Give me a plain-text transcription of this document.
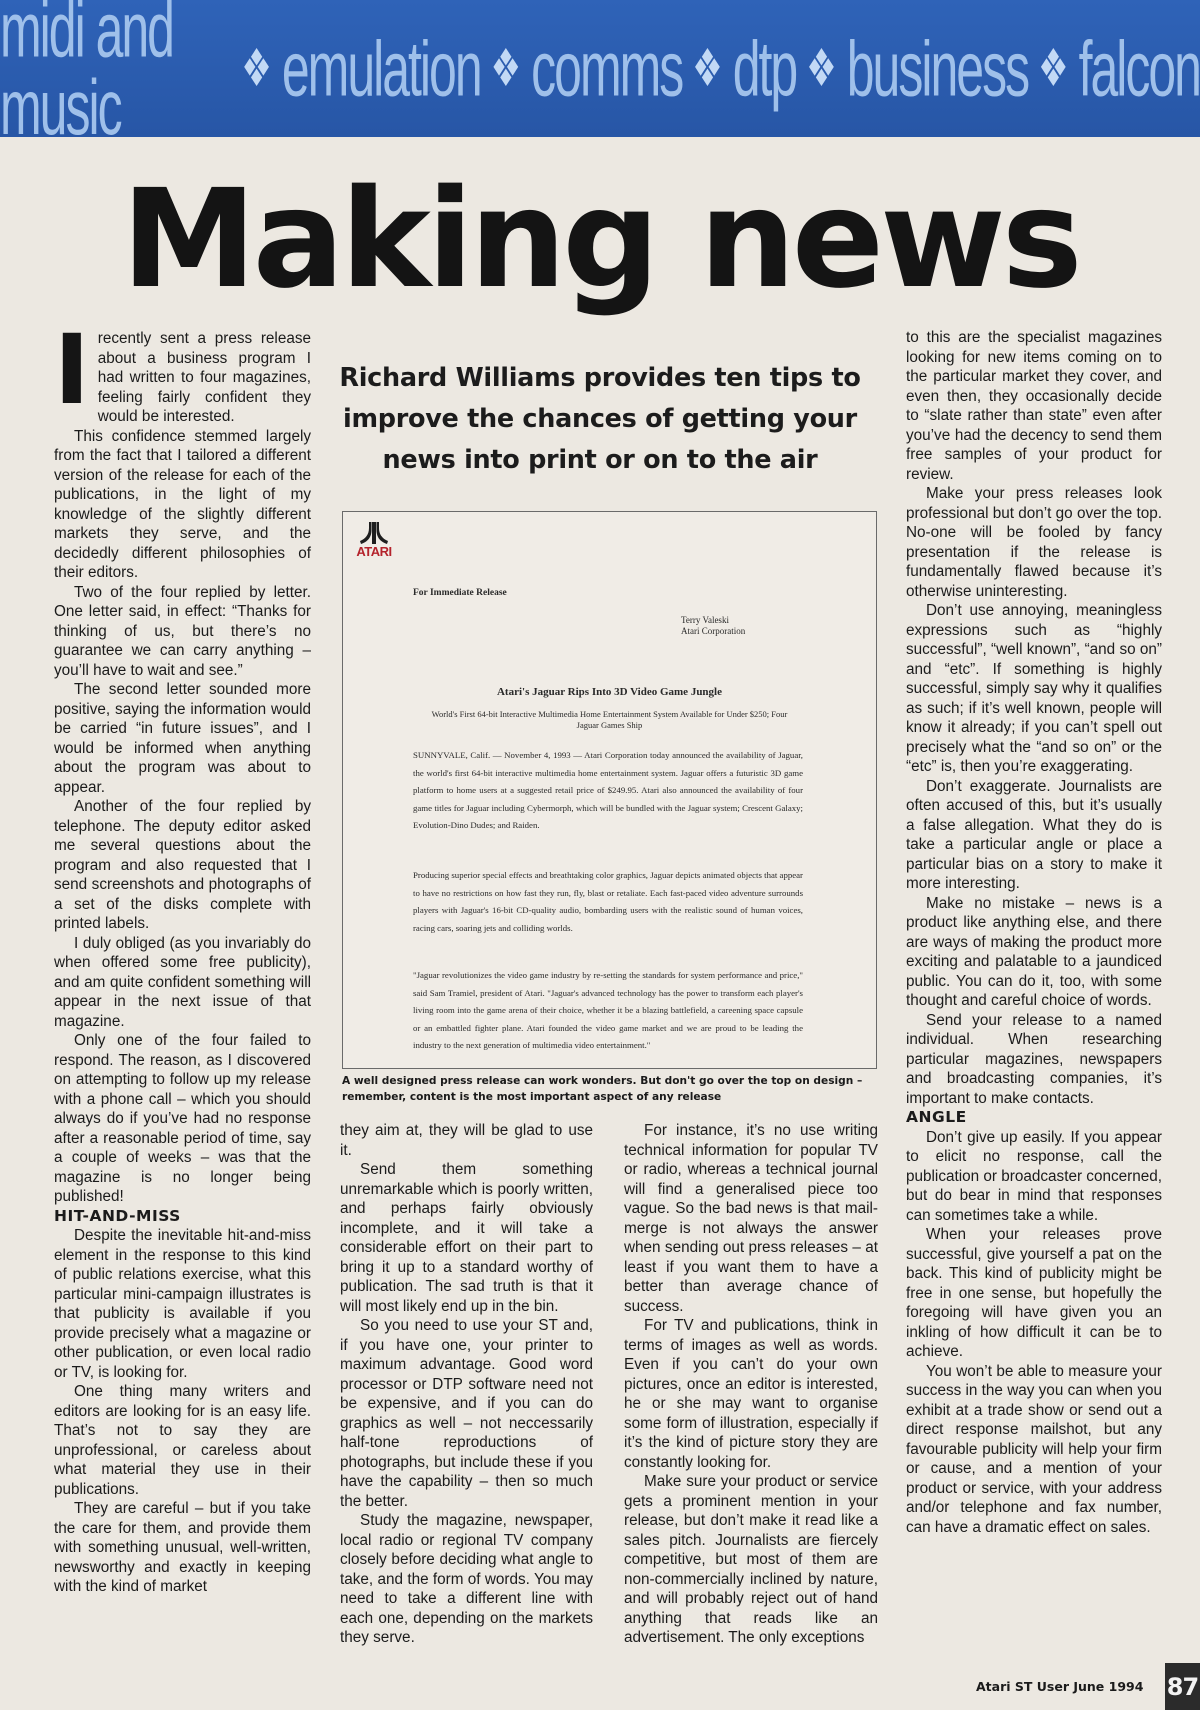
midi and music	❖ emulation ❖ comms ❖ dtp ❖ business ❖ falcon
Making news
Richard Williams provides ten tips to improve the chances of getting your news into print or on to the air
I recently sent a press release about a business program I had written to four magazines, feeling fairly confident they would be interested.

This confidence stemmed largely from the fact that I tailored a different version of the release for each of the publications, in the light of my knowledge of the slightly different markets they serve, and the decidedly different philosophies of their editors.

Two of the four replied by letter. One letter said, in effect: “Thanks for thinking of us, but there’s no guarantee we can carry anything – you’ll have to wait and see.”

The second letter sounded more positive, saying the information would be carried “in future issues”, and I would be informed when anything about the program was about to appear.

Another of the four replied by telephone. The deputy editor asked me several questions about the program and also requested that I send screenshots and photographs of a set of the disks complete with printed labels.

I duly obliged (as you invariably do when offered some free publicity), and am quite confident something will appear in the next issue of that magazine.

Only one of the four failed to respond. The reason, as I discovered on attempting to follow up my release with a phone call – which you should always do if you’ve had no response after a reasonable period of time, say a couple of weeks – was that the magazine is no longer being published!

HIT-AND-MISS

Despite the inevitable hit-and-miss element in the response to this kind of public relations exercise, what this particular mini-campaign illustrates is that publicity is available if you provide precisely what a magazine or other publication, or even local radio or TV, is looking for.

One thing many writers and editors are looking for is an easy life. That’s not to say they are unprofessional, or careless about what material they use in their publications.

They are careful – but if you take the care for them, and provide them with something unusual, well-written, newsworthy and exactly in keeping with the kind of market

ATARI
For Immediate Release
Terry Valeski
Atari Corporation
Atari's Jaguar Rips Into 3D Video Game Jungle
World's First 64-bit Interactive Multimedia Home Entertainment System Available for Under $250; Four Jaguar Games Ship
SUNNYVALE, Calif. — November 4, 1993 — Atari Corporation today announced the availability of Jaguar, the world's first 64-bit interactive multimedia home entertainment system. Jaguar offers a futuristic 3D game platform to home users at a suggested retail price of $249.95. Atari also announced the availability of four game titles for Jaguar including Cybermorph, which will be bundled with the Jaguar system; Crescent Galaxy; Evolution-Dino Dudes; and Raiden.
Producing superior special effects and breathtaking color graphics, Jaguar depicts animated objects that appear to have no restrictions on how fast they run, fly, blast or retaliate. Each fast-paced video adventure surrounds players with Jaguar's 16-bit CD-quality audio, bombarding users with the realistic sound of human voices, racing cars, soaring jets and colliding worlds.
"Jaguar revolutionizes the video game industry by re-setting the standards for system performance and price," said Sam Tramiel, president of Atari. "Jaguar's advanced technology has the power to transform each player's living room into the game arena of their choice, whether it be a blazing battlefield, a careening space capsule or an embattled fighter plane. Atari founded the video game market and we are proud to be leading the industry to the next generation of multimedia video entertainment."
A well designed press release can work wonders. But don't go over the top on design – remember, content is the most important aspect of any release

they aim at, they will be glad to use it.

Send them something unremarkable which is poorly written, and perhaps fairly obviously incomplete, and it will take a considerable effort on their part to bring it up to a standard worthy of publication. The sad truth is that it will most likely end up in the bin.

So you need to use your ST and, if you have one, your printer to maximum advantage. Good word processor or DTP software need not be expensive, and if you can do graphics as well – not neccessarily half-tone reproductions of photographs, but include these if you have the capability – then so much the better.

Study the magazine, newspaper, local radio or regional TV company closely before deciding what angle to take, and the form of words. You may need to take a different line with each one, depending on the markets they serve.

For instance, it’s no use writing technical information for popular TV or radio, whereas a technical journal will find a generalised piece too vague. So the bad news is that mail-merge is not always the answer when sending out press releases – at least if you want them to have a better than average chance of success.

For TV and publications, think in terms of images as well as words. Even if you can’t do your own pictures, once an editor is interested, he or she may want to organise some form of illustration, especially if it’s the kind of picture story they are constantly looking for.

Make sure your product or service gets a prominent mention in your release, but don’t make it read like a sales pitch. Journalists are fiercely competitive, but most of them are non-commercially inclined by nature, and will probably reject out of hand anything that reads like an advertisement. The only exceptions

to this are the specialist magazines looking for new items coming on to the particular market they cover, and even then, they occasionally decide to “slate rather than state” even after you’ve had the decency to send them free samples of your product for review.

Make your press releases look professional but don’t go over the top. No-one will be fooled by fancy presentation if the release is fundamentally flawed because it’s otherwise uninteresting.

Don’t use annoying, meaningless expressions such as “highly successful”, “well known”, “and so on” and “etc”. If something is highly successful, simply say why it qualifies as such; if it’s well known, people will know it already; if you can’t spell out precisely what the “and so on” or the “etc” is, then you’re exaggerating.

Don’t exaggerate. Journalists are often accused of this, but it’s usually a false allegation. What they do is take a particular angle or place a particular bias on a story to make it more interesting.

Make no mistake – news is a product like anything else, and there are ways of making the product more exciting and palatable to a jaundiced public. You can do it, too, with some thought and careful choice of words.

Send your release to a named individual. When researching particular magazines, newspapers and broadcasting companies, it’s important to make contacts.

ANGLE

Don’t give up easily. If you appear to elicit no response, call the publication or broadcaster concerned, but do bear in mind that responses can sometimes take a while.

When your releases prove successful, give yourself a pat on the back. This kind of publicity might be free in one sense, but hopefully the foregoing will have given you an inkling of how difficult it can be to achieve.

You won’t be able to measure your success in the way you can when you exhibit at a trade show or send out a direct response mailshot, but any favourable publicity will help your firm or cause, and a mention of your product or service, with your address and/or telephone and fax number, can have a dramatic effect on sales.

Atari ST User June 1994 87
